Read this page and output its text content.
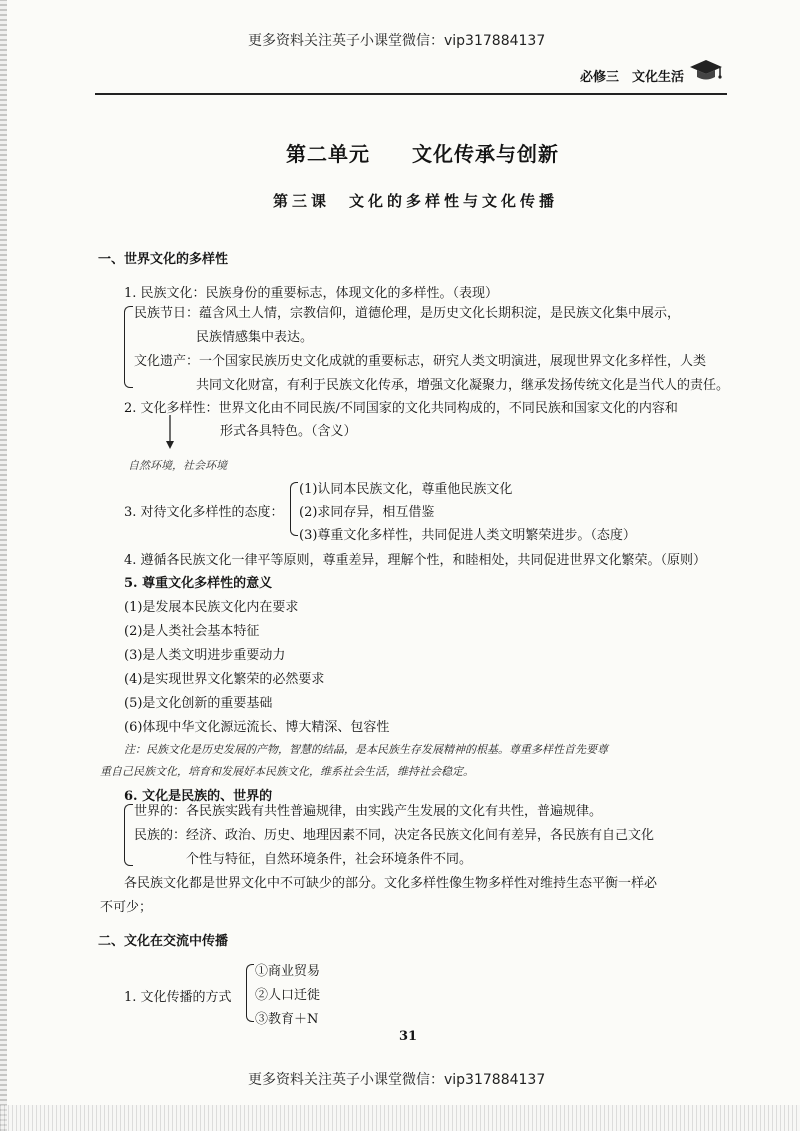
更多资料关注英子小课堂微信：vip317884137
必修三　文化生活
第二单元　　文化传承与创新
第三课　文化的多样性与文化传播
一、世界文化的多样性
1. 民族文化：民族身份的重要标志，体现文化的多样性。（表现）
民族节日：蕴含风土人情，宗教信仰，道德伦理，是历史文化长期积淀，是民族文化集中展示，
民族情感集中表达。
文化遗产：一个国家民族历史文化成就的重要标志，研究人类文明演进，展现世界文化多样性，人类
共同文化财富，有利于民族文化传承，增强文化凝聚力，继承发扬传统文化是当代人的责任。
2. 文化多样性：世界文化由不同民族/不同国家的文化共同构成的，不同民族和国家文化的内容和
形式各具特色。（含义）
自然环境，社会环境
3. 对待文化多样性的态度：
(1)认同本民族文化，尊重他民族文化
(2)求同存异，相互借鉴
(3)尊重文化多样性，共同促进人类文明繁荣进步。（态度）
4. 遵循各民族文化一律平等原则，尊重差异，理解个性，和睦相处，共同促进世界文化繁荣。（原则）
5. 尊重文化多样性的意义
(1)是发展本民族文化内在要求
(2)是人类社会基本特征
(3)是人类文明进步重要动力
(4)是实现世界文化繁荣的必然要求
(5)是文化创新的重要基础
(6)体现中华文化源远流长、博大精深、包容性
注：民族文化是历史发展的产物，智慧的结晶，是本民族生存发展精神的根基。尊重多样性首先要尊
重自己民族文化，培育和发展好本民族文化，维系社会生活，维持社会稳定。
6. 文化是民族的、世界的
世界的：各民族实践有共性普遍规律，由实践产生发展的文化有共性，普遍规律。
民族的：经济、政治、历史、地理因素不同，决定各民族文化间有差异，各民族有自己文化
个性与特征，自然环境条件，社会环境条件不同。
各民族文化都是世界文化中不可缺少的部分。文化多样性像生物多样性对维持生态平衡一样必
不可少；
二、文化在交流中传播
1. 文化传播的方式
①商业贸易
②人口迁徙
③教育＋N
31
更多资料关注英子小课堂微信：vip317884137
